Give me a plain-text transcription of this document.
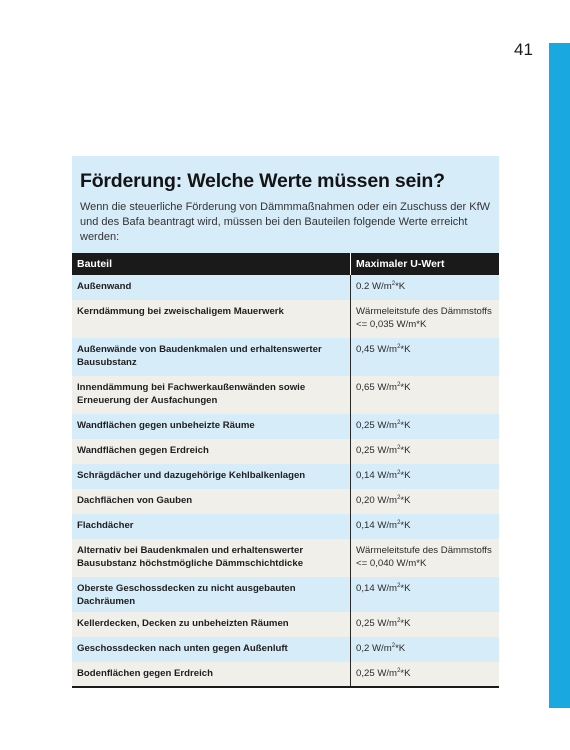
41
Förderung: Welche Werte müssen sein?

Wenn die steuerliche Förderung von Dämmmaßnahmen oder ein Zuschuss der KfW und des Bafa beantragt wird, müssen bei den Bauteilen folgende Werte erreicht werden:

Bauteil	Maximaler U-Wert
Außenwand	0.2 $W/m^2*K$
Kerndämmung bei zweischaligem Mauerwerk	Wärmeleitstufe des Dämmstoffs <= 0,035 W/m*K
Außenwände von Baudenkmalen und erhaltenswerter Bausubstanz	0,45 $W/m^2*K$
Innendämmung bei Fachwerkaußenwänden sowie Erneuerung der Ausfachungen	0,65 $W/m^2*K$
Wandflächen gegen unbeheizte Räume	0,25 $W/m^2*K$
Wandflächen gegen Erdreich	0,25 $W/m^2*K$
Schrägdächer und dazugehörige Kehlbalkenlagen	0,14 $W/m^2*K$
Dachflächen von Gauben	0,20 $W/m^2*K$
Flachdächer	0,14 $W/m^2*K$
Alternativ bei Baudenkmalen und erhaltenswerter Bausubstanz höchstmögliche Dämmschichtdicke	Wärmeleitstufe des Dämmstoffs <= 0,040 W/m*K
Oberste Geschossdecken zu nicht ausgebauten Dachräumen	0,14 $W/m^2*K$
Kellerdecken, Decken zu unbeheizten Räumen	0,25 $W/m^2*K$
Geschossdecken nach unten gegen Außenluft	0,2 $W/m^2*K$
Bodenflächen gegen Erdreich	0,25 $W/m^2*K$
